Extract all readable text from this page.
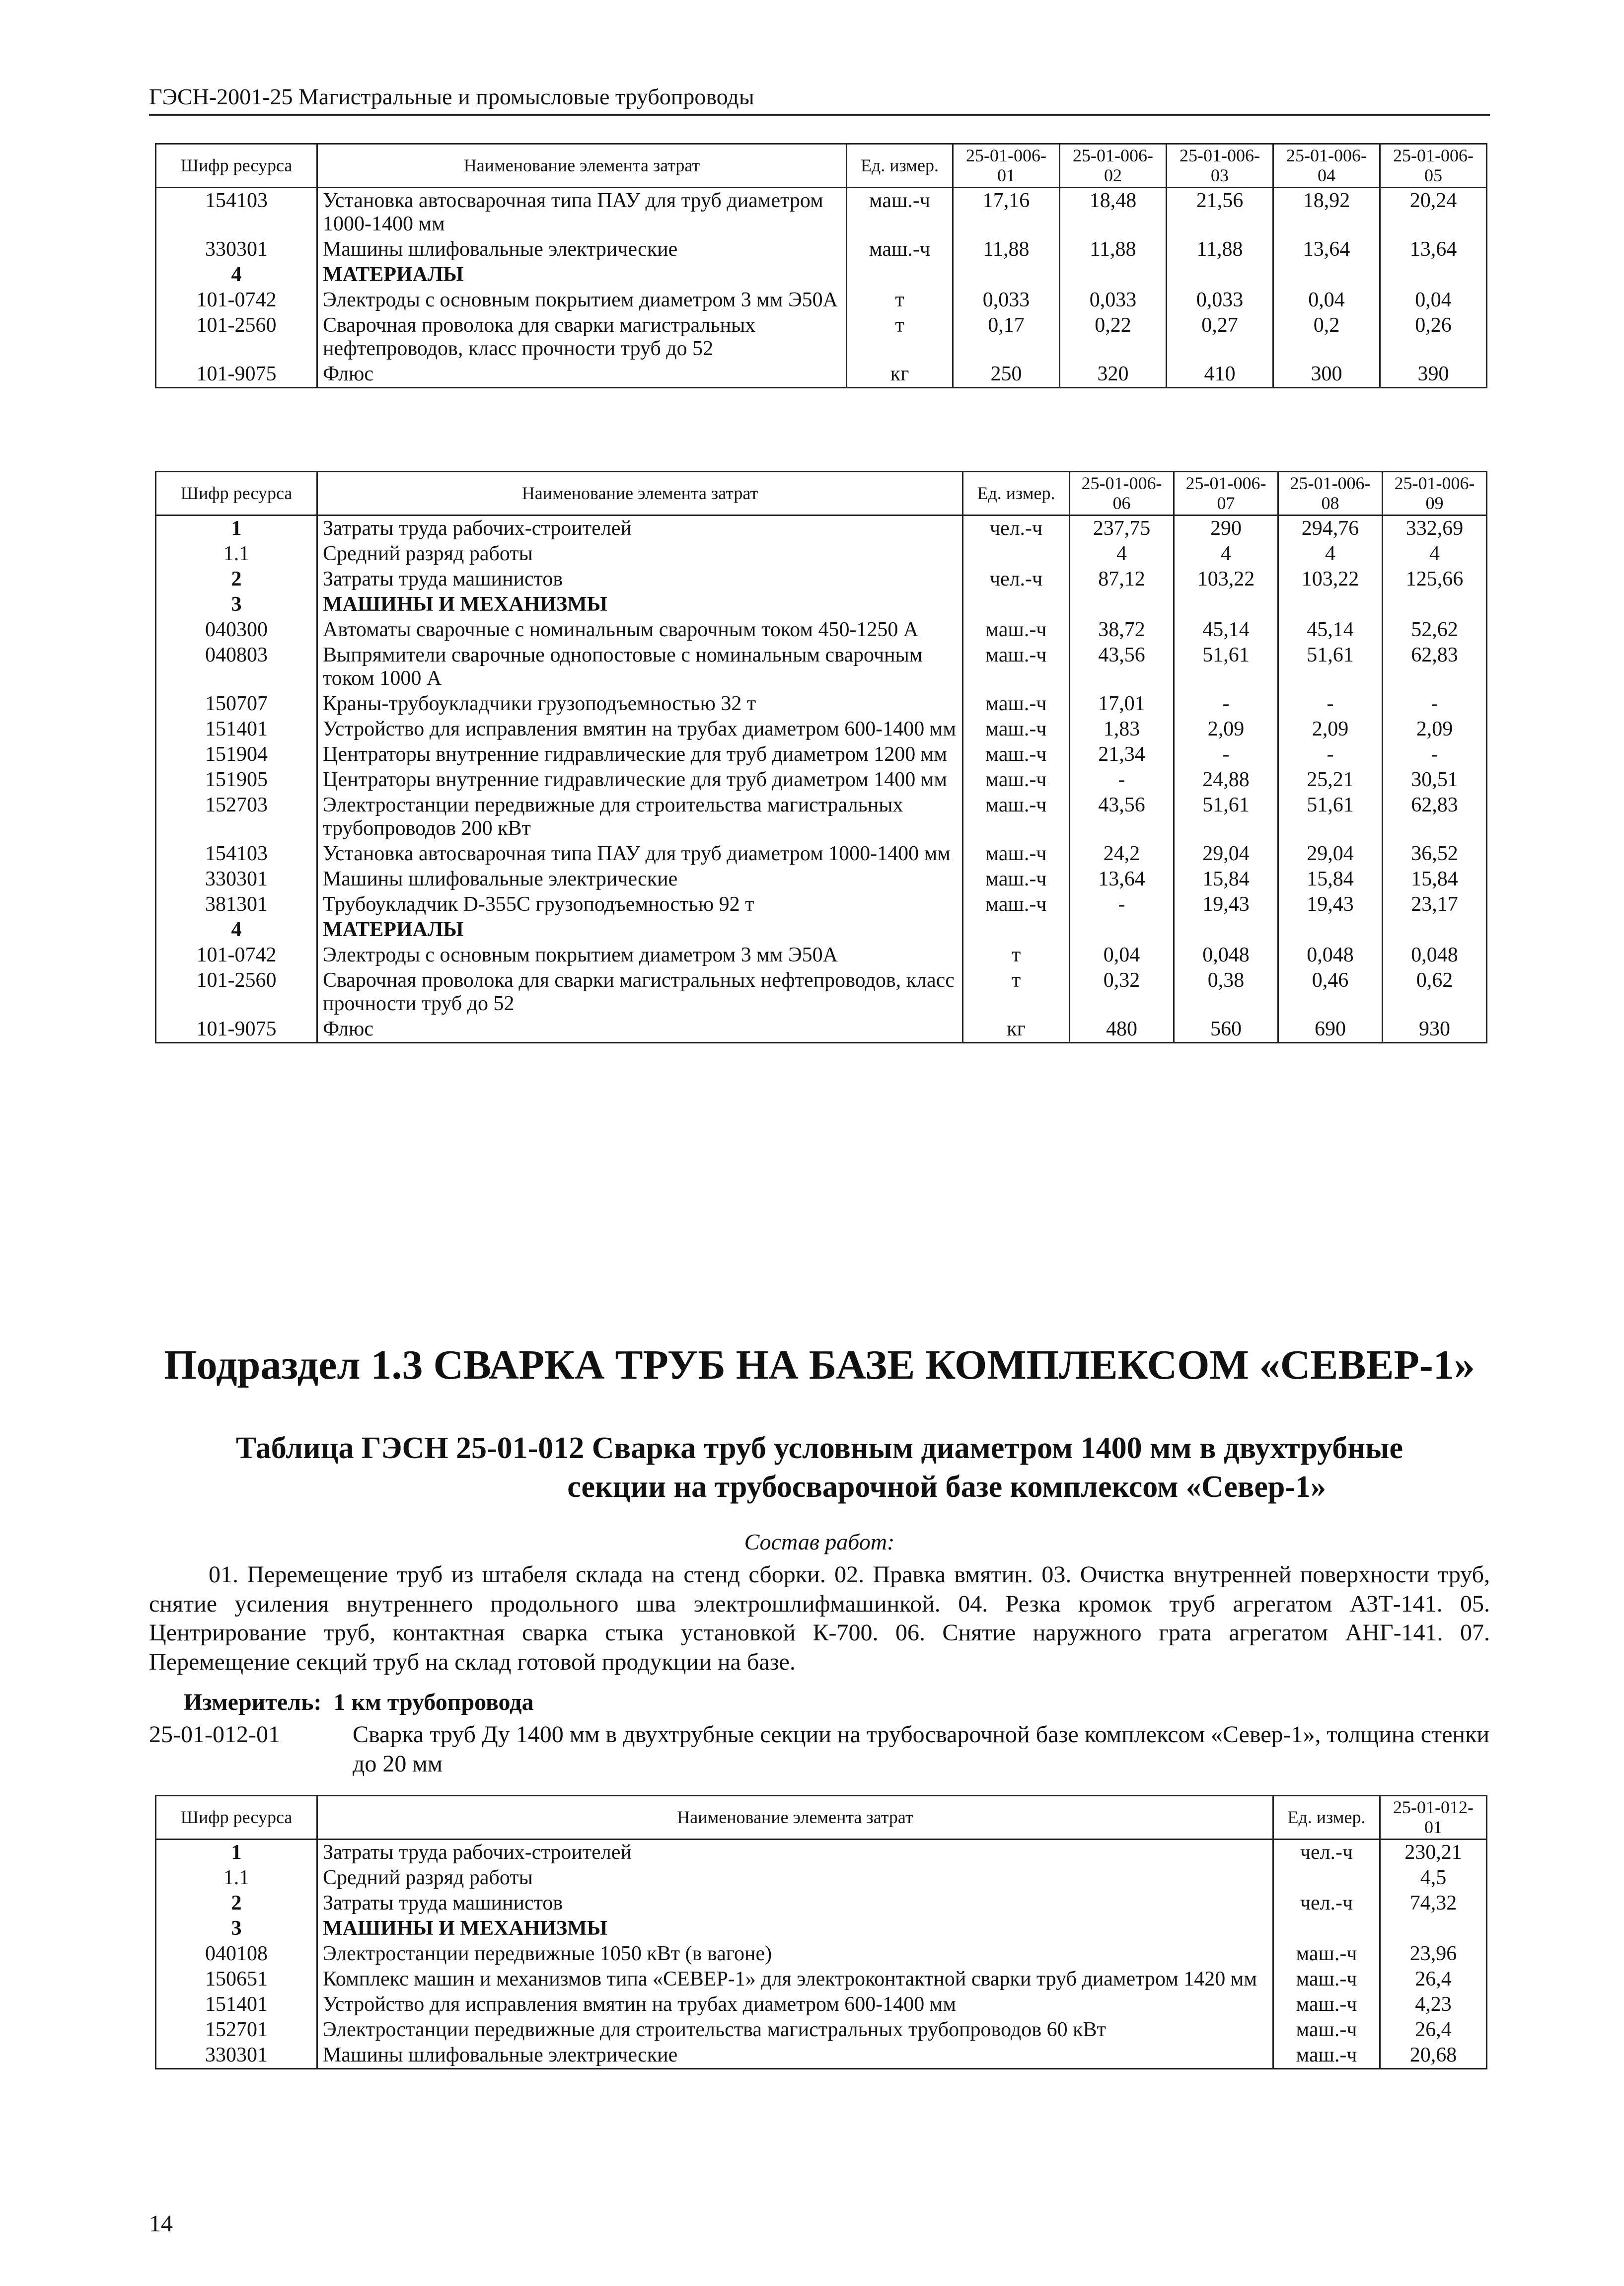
ГЭСН-2001-25 Магистральные и промысловые трубопроводы
Шифр ресурса	Наименование элемента затрат	Ед. измер.	25-01-006-01	25-01-006-02	25-01-006-03	25-01-006-04	25-01-006-05
154103	Установка автосварочная типа ПАУ для труб диаметром 1000-1400 мм	маш.-ч	17,16	18,48	21,56	18,92	20,24
330301	Машины шлифовальные электрические	маш.-ч	11,88	11,88	11,88	13,64	13,64
4	МАТЕРИАЛЫ						
101-0742	Электроды с основным покрытием диаметром 3 мм Э50А	т	0,033	0,033	0,033	0,04	0,04
101-2560	Сварочная проволока для сварки магистральных нефтепроводов, класс прочности труб до 52	т	0,17	0,22	0,27	0,2	0,26
101-9075	Флюс	кг	250	320	410	300	390
Шифр ресурса	Наименование элемента затрат	Ед. измер.	25-01-006-06	25-01-006-07	25-01-006-08	25-01-006-09
1	Затраты труда рабочих-строителей	чел.-ч	237,75	290	294,76	332,69
1.1	Средний разряд работы		4	4	4	4
2	Затраты труда машинистов	чел.-ч	87,12	103,22	103,22	125,66
3	МАШИНЫ И МЕХАНИЗМЫ					
040300	Автоматы сварочные с номинальным сварочным током 450-1250 А	маш.-ч	38,72	45,14	45,14	52,62
040803	Выпрямители сварочные однопостовые с номинальным сварочным током 1000 А	маш.-ч	43,56	51,61	51,61	62,83
150707	Краны-трубоукладчики грузоподъемностью 32 т	маш.-ч	17,01	-	-	-
151401	Устройство для исправления вмятин на трубах диаметром 600-1400 мм	маш.-ч	1,83	2,09	2,09	2,09
151904	Центраторы внутренние гидравлические для труб диаметром 1200 мм	маш.-ч	21,34	-	-	-
151905	Центраторы внутренние гидравлические для труб диаметром 1400 мм	маш.-ч	-	24,88	25,21	30,51
152703	Электростанции передвижные для строительства магистральных трубопроводов 200 кВт	маш.-ч	43,56	51,61	51,61	62,83
154103	Установка автосварочная типа ПАУ для труб диаметром 1000-1400 мм	маш.-ч	24,2	29,04	29,04	36,52
330301	Машины шлифовальные электрические	маш.-ч	13,64	15,84	15,84	15,84
381301	Трубоукладчик D-355С грузоподъемностью 92 т	маш.-ч	-	19,43	19,43	23,17
4	МАТЕРИАЛЫ					
101-0742	Электроды с основным покрытием диаметром 3 мм Э50А	т	0,04	0,048	0,048	0,048
101-2560	Сварочная проволока для сварки магистральных нефтепроводов, класс прочности труб до 52	т	0,32	0,38	0,46	0,62
101-9075	Флюс	кг	480	560	690	930
Подраздел 1.3 СВАРКА ТРУБ НА БАЗЕ КОМПЛЕКСОМ «СЕВЕР-1»
Таблица ГЭСН 25-01-012 Сварка труб условным диаметром 1400 мм в двухтрубные
секции на трубосварочной базе комплексом «Север-1»
Состав работ:
01. Перемещение труб из штабеля склада на стенд сборки. 02. Правка вмятин. 03. Очистка внутренней поверхности труб, снятие усиления внутреннего продольного шва электрошлифмашинкой. 04. Резка кромок труб агрегатом АЗТ-141. 05. Центрирование труб, контактная сварка стыка установкой К-700. 06. Снятие наружного грата агрегатом АНГ-141. 07. Перемещение секций труб на склад готовой продукции на базе.
Измеритель: 1 км трубопровода
25-01-012-01	Сварка труб Ду 1400 мм в двухтрубные секции на трубосварочной базе комплексом «Север-1», толщина стенки до 20 мм
Шифр ресурса	Наименование элемента затрат	Ед. измер.	25-01-012-01
1	Затраты труда рабочих-строителей	чел.-ч	230,21
1.1	Средний разряд работы		4,5
2	Затраты труда машинистов	чел.-ч	74,32
3	МАШИНЫ И МЕХАНИЗМЫ		
040108	Электростанции передвижные 1050 кВт (в вагоне)	маш.-ч	23,96
150651	Комплекс машин и механизмов типа «СЕВЕР-1» для электроконтактной сварки труб диаметром 1420 мм	маш.-ч	26,4
151401	Устройство для исправления вмятин на трубах диаметром 600-1400 мм	маш.-ч	4,23
152701	Электростанции передвижные для строительства магистральных трубопроводов 60 кВт	маш.-ч	26,4
330301	Машины шлифовальные электрические	маш.-ч	20,68
14
